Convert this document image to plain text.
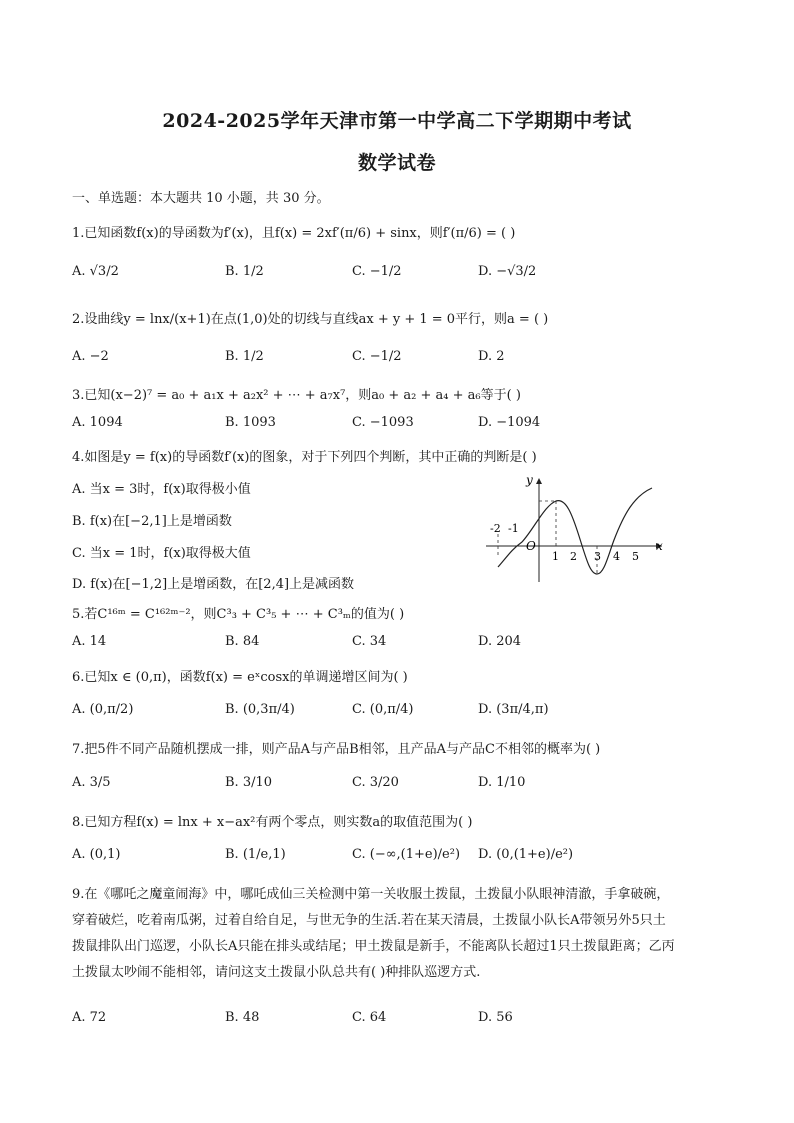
2024-2025学年天津市第一中学高二下学期期中考试
数学试卷
一、单选题：本大题共 10 小题，共 30 分。
1.已知函数f(x)的导函数为f′(x)，且f(x) = 2xf′(π/6) + sinx，则f′(π/6) = ( )
A. √3/2	B. 1/2	C. −1/2	D. −√3/2
2.设曲线y = lnx/(x+1)在点(1,0)处的切线与直线ax + y + 1 = 0平行，则a = ( )
A. −2	B. 1/2	C. −1/2	D. 2
3.已知(x−2)⁷ = a₀ + a₁x + a₂x² + ⋯ + a₇x⁷，则a₀ + a₂ + a₄ + a₆等于( )
A. 1094	B. 1093	C. −1093	D. −1094
4.如图是y = f(x)的导函数f′(x)的图象，对于下列四个判断，其中正确的判断是( )
A. 当x = 3时，f(x)取得极小值
B. f(x)在[−2,1]上是增函数
C. 当x = 1时，f(x)取得极大值
D. f(x)在[−1,2]上是增函数，在[2,4]上是减函数
y
x
O
-2 -1
1 2 3 4 5
5.若C¹⁶ᵐ = C¹⁶²ᵐ⁻²，则C³₃ + C³₅ + ⋯ + C³ₘ的值为( )
A. 14	B. 84	C. 34	D. 204
6.已知x ∈ (0,π)，函数f(x) = eˣcosx的单调递增区间为( )
A. (0,π/2)	B. (0,3π/4)	C. (0,π/4)	D. (3π/4,π)
7.把5件不同产品随机摆成一排，则产品A与产品B相邻，且产品A与产品C不相邻的概率为( )
A. 3/5	B. 3/10	C. 3/20	D. 1/10
8.已知方程f(x) = lnx + x−ax²有两个零点，则实数a的取值范围为( )
A. (0,1)	B. (1/e,1)	C. (−∞,(1+e)/e²) D. (0,(1+e)/e²)
9.在《哪吒之魔童闹海》中，哪吒成仙三关检测中第一关收服土拨鼠，土拨鼠小队眼神清澈，手拿破碗，
穿着破烂，吃着南瓜粥，过着自给自足，与世无争的生活.若在某天清晨，土拨鼠小队长A带领另外5只土
拨鼠排队出门巡逻，小队长A只能在排头或结尾；甲土拨鼠是新手，不能离队长超过1只土拨鼠距离；乙丙
土拨鼠太吵闹不能相邻，请问这支土拨鼠小队总共有( )种排队巡逻方式.
A. 72	B. 48	C. 64	D. 56
